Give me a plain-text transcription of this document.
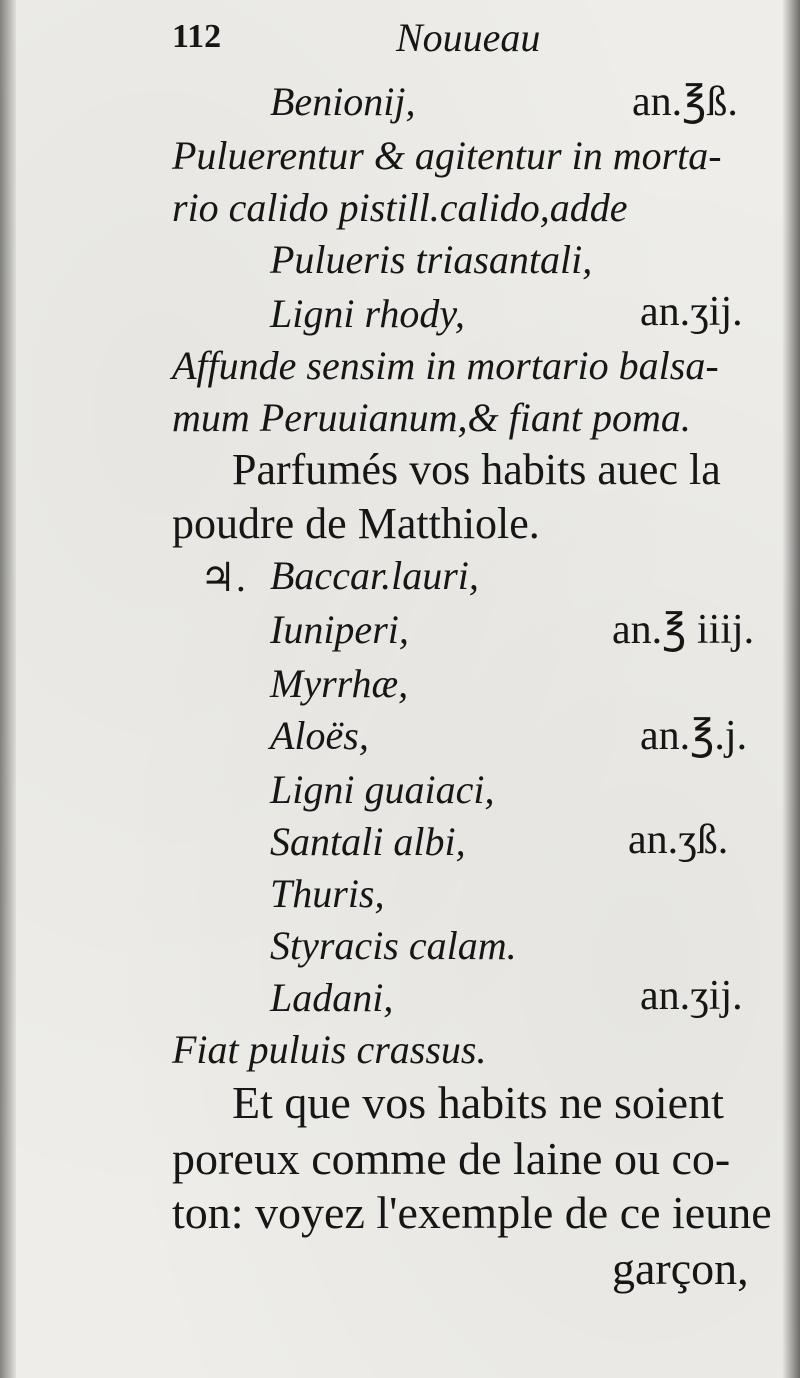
112	Nouueau
Benionij,	an.℥ß.
Puluerentur & agitentur in morta-
rio calido pistill.calido,adde
Pulueris triasantali,
Ligni rhody,	an.ʒij.
Affunde sensim in mortario balsa-
mum Peruuianum,& fiant poma.
Parfumés vos habits auec la
poudre de Matthiole.
♃. Baccar.lauri,
Iuniperi,	an.℥ iiij.
Myrrhæ,
Aloës,	an.℥.j.
Ligni guaiaci,
Santali albi,	an.ʒß.
Thuris,
Styracis calam.
Ladani,	an.ʒij.
Fiat puluis crassus.
Et que vos habits ne soient
poreux comme de laine ou co-
ton: voyez l'exemple de ce ieune
garçon,
